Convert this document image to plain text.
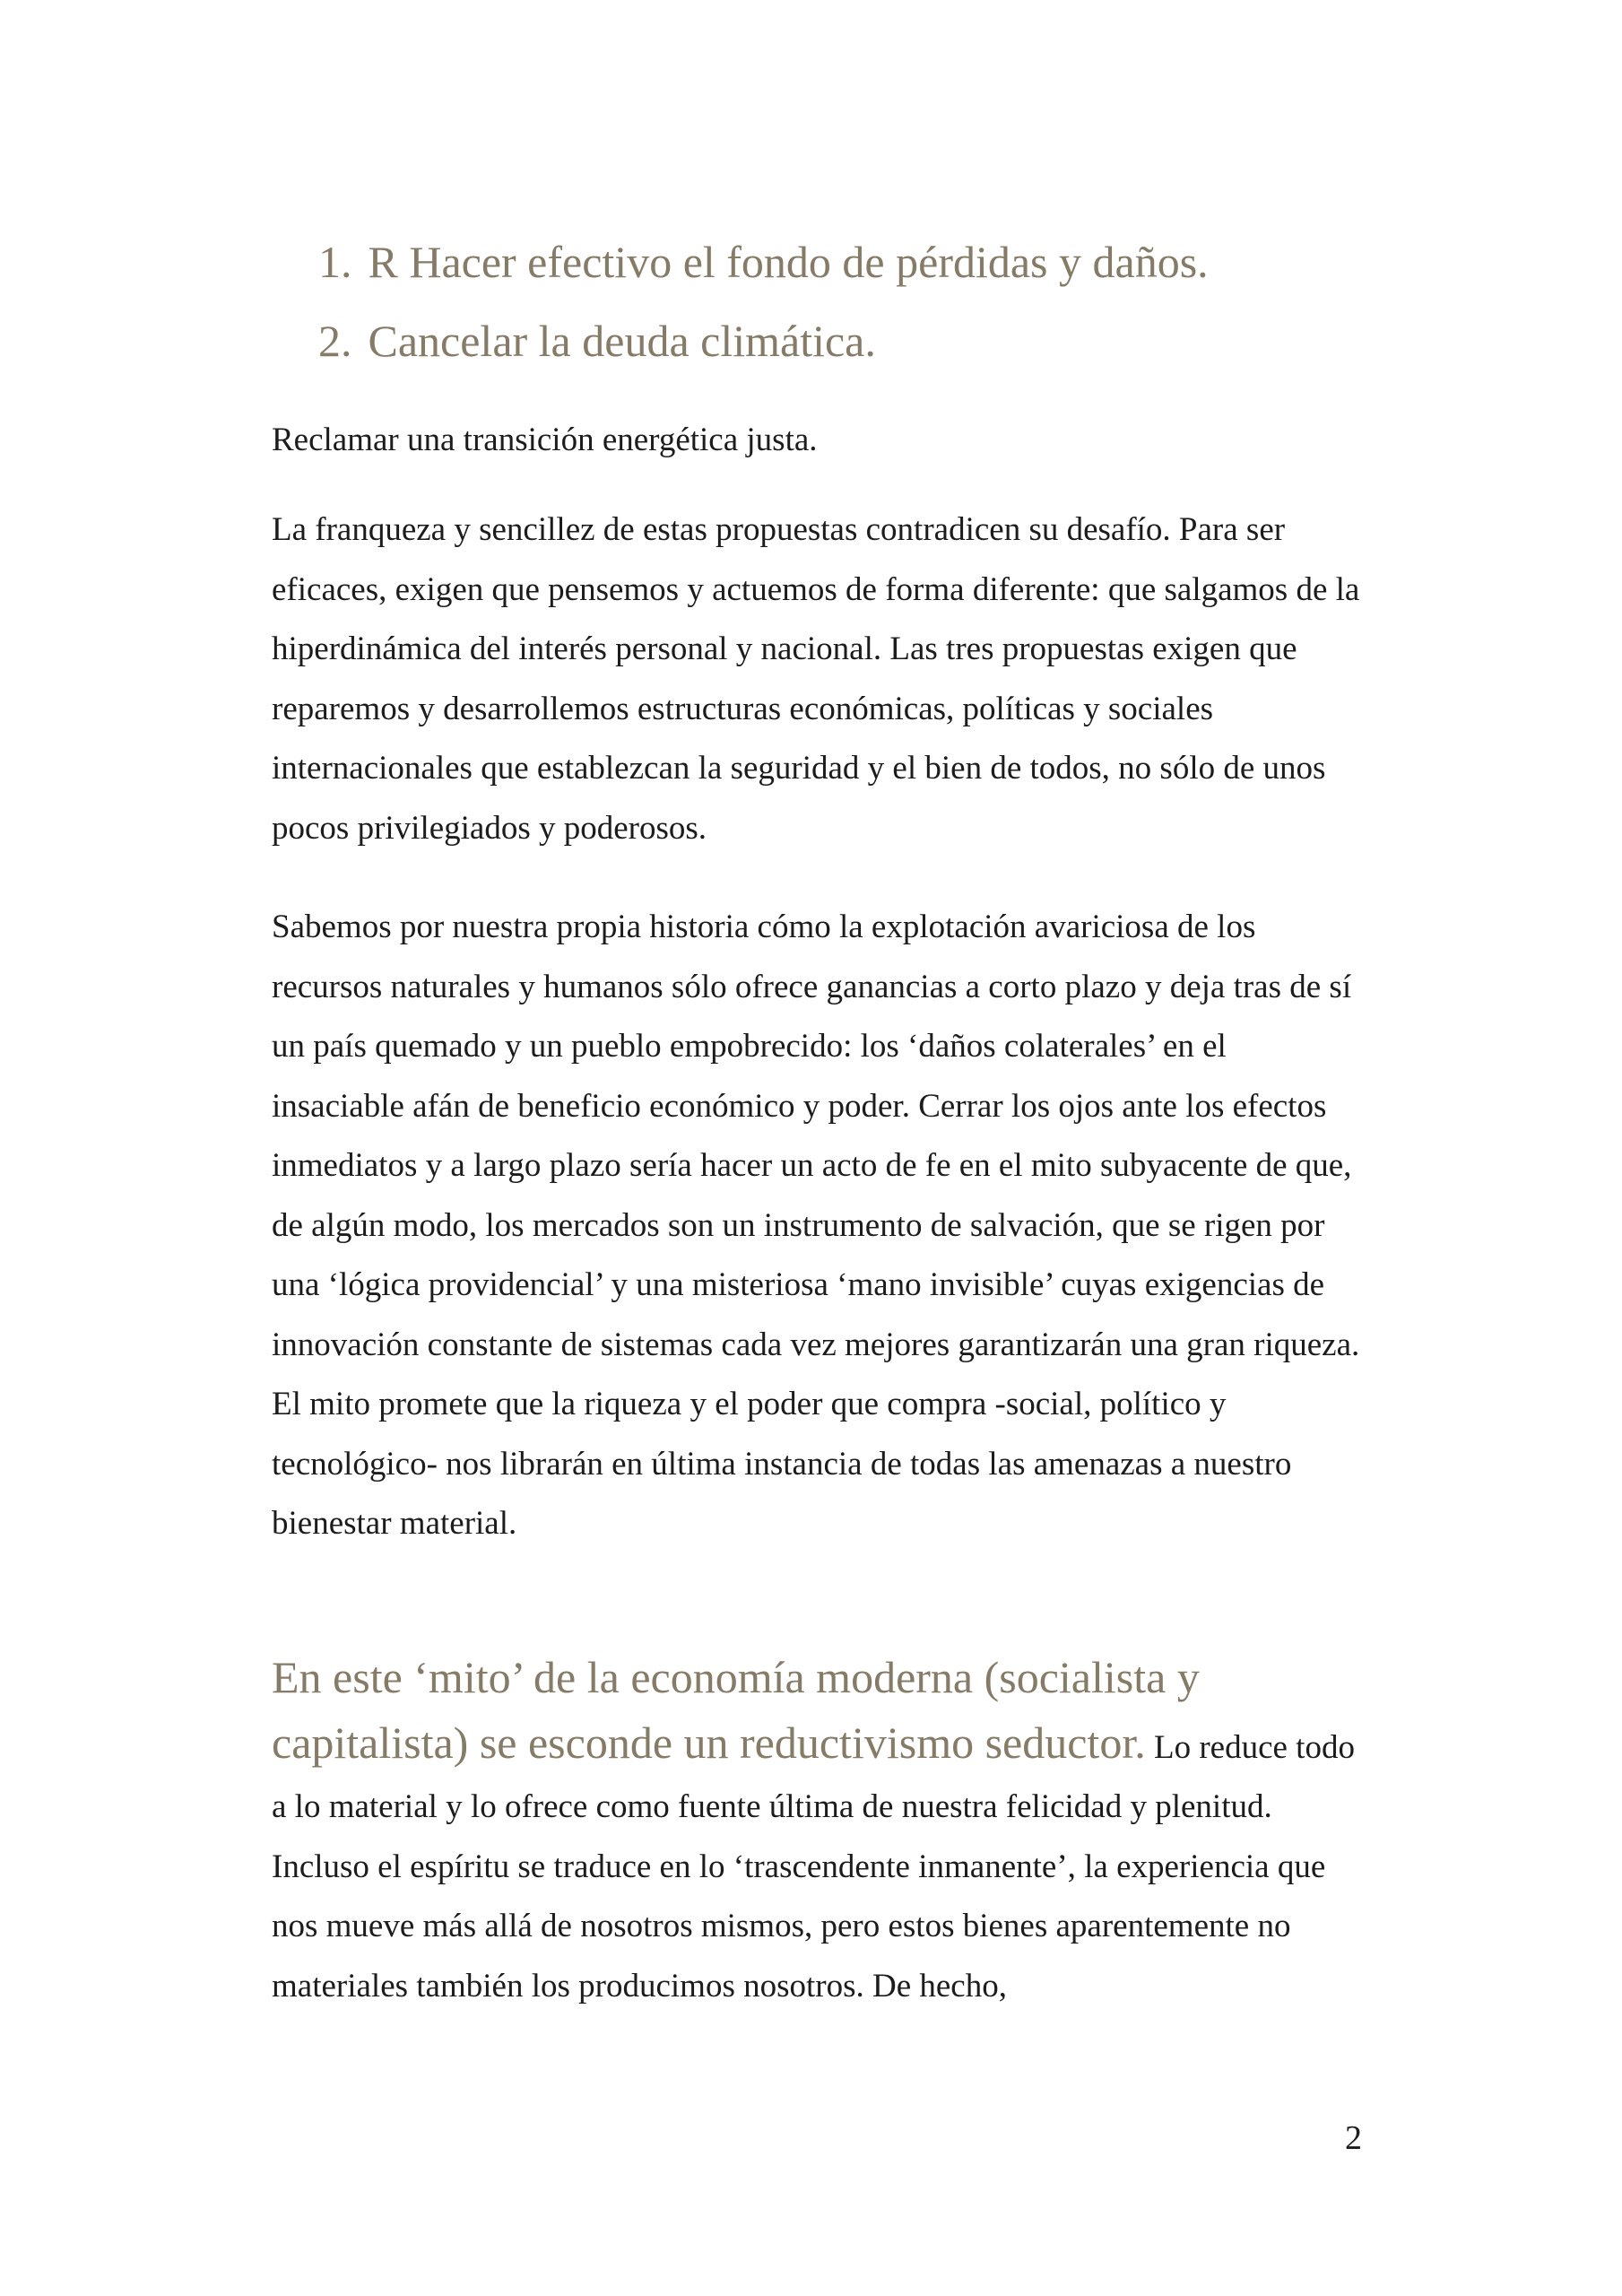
1. R Hacer efectivo el fondo de pérdidas y daños.
2. Cancelar la deuda climática.

Reclamar una transición energética justa.

La franqueza y sencillez de estas propuestas contradicen su desafío. Para ser eficaces, exigen que pensemos y actuemos de forma diferente: que salgamos de la hiperdinámica del interés personal y nacional. Las tres propuestas exigen que reparemos y desarrollemos estructuras económicas, políticas y sociales internacionales que establezcan la seguridad y el bien de todos, no sólo de unos pocos privilegiados y poderosos.

Sabemos por nuestra propia historia cómo la explotación avariciosa de los recursos naturales y humanos sólo ofrece ganancias a corto plazo y deja tras de sí un país quemado y un pueblo empobrecido: los ‘daños colaterales’ en el insaciable afán de beneficio económico y poder. Cerrar los ojos ante los efectos inmediatos y a largo plazo sería hacer un acto de fe en el mito subyacente de que, de algún modo, los mercados son un instrumento de salvación, que se rigen por una ‘lógica providencial’ y una misteriosa ‘mano invisible’ cuyas exigencias de innovación constante de sistemas cada vez mejores garantizarán una gran riqueza. El mito promete que la riqueza y el poder que compra -social, político y tecnológico- nos librarán en última instancia de todas las amenazas a nuestro bienestar material.

En este ‘mito’ de la economía moderna (socialista y capitalista) se esconde un reductivismo seductor. Lo reduce todo a lo material y lo ofrece como fuente última de nuestra felicidad y plenitud. Incluso el espíritu se traduce en lo ‘trascendente inmanente’, la experiencia que nos mueve más allá de nosotros mismos, pero estos bienes aparentemente no materiales también los producimos nosotros. De hecho,

2
